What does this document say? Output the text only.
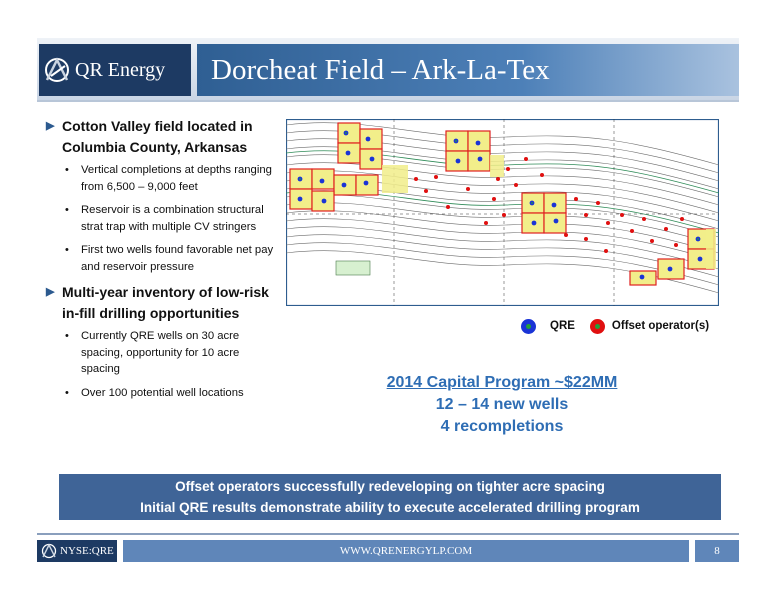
QR Energy Dorcheat Field – Ark-La-Tex
▶ Cotton Valley field located in Columbia County, Arkansas
• Vertical completions at depths ranging from 6,500 – 9,000 feet
• Reservoir is a combination structural strat trap with multiple CV stringers
• First two wells found favorable net pay and reservoir pressure
▶ Multi-year inventory of low-risk in-fill drilling opportunities
• Currently QRE wells on 30 acre spacing, opportunity for 10 acre spacing
• Over 100 potential well locations
QRE	Offset operator(s)
2014 Capital Program ~$22MM
12 – 14 new wells
4 recompletions
Offset operators successfully redeveloping on tighter acre spacing
Initial QRE results demonstrate ability to execute accelerated drilling program
NYSE:QRE	WWW.QRENERGYLP.COM	8
